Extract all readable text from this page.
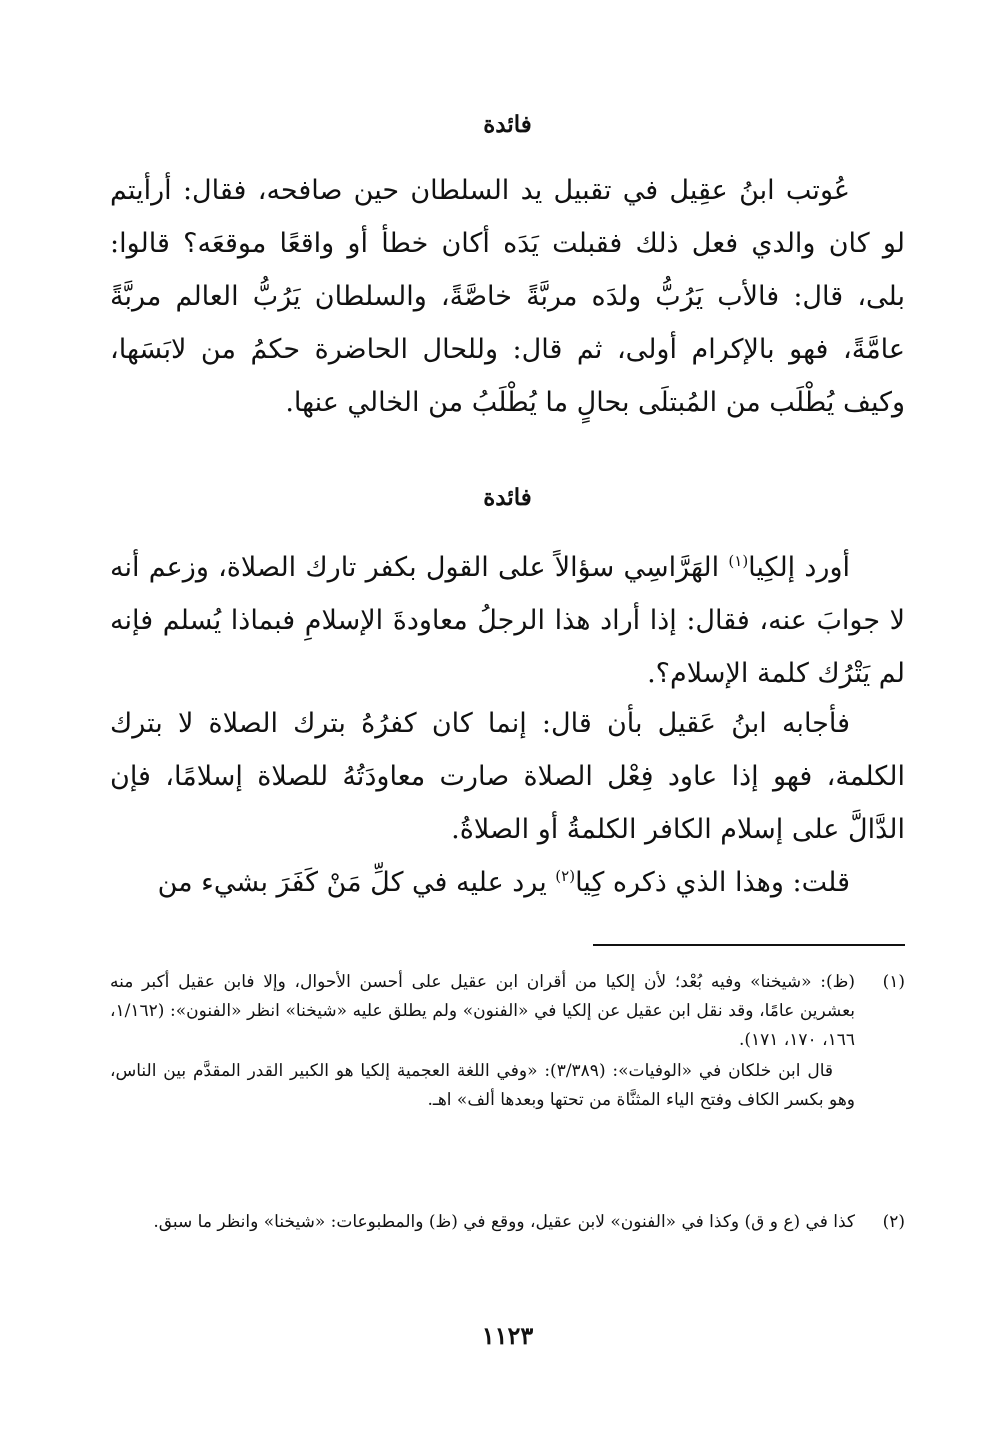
فائدة
عُوتب ابنُ عقِيل في تقبيل يد السلطان حين صافحه، فقال: أرأيتم لو كان والدي فعل ذلك فقبلت يَدَه أكان خطأ أو واقعًا موقعَه؟ قالوا: بلى، قال: فالأب يَرُبُّ ولدَه مربَّةً خاصَّةً، والسلطان يَرُبُّ العالم مربَّةً عامَّةً، فهو بالإكرام أولى، ثم قال: وللحال الحاضرة حكمُ من لابَسَها، وكيف يُطْلَب من المُبتلَى بحالٍ ما يُطْلَبُ من الخالي عنها.
فائدة
أورد إلكِيا$^{(١)}$ الهَرَّاسِي سؤالاً على القول بكفر تارك الصلاة، وزعم أنه لا جوابَ عنه، فقال: إذا أراد هذا الرجلُ معاودةَ الإسلامِ فبماذا يُسلم فإنه لم يَتْرُك كلمة الإسلام؟.
فأجابه ابنُ عَقيل بأن قال: إنما كان كفرُهُ بترك الصلاة لا بترك الكلمة، فهو إذا عاود فِعْل الصلاة صارت معاودَتُهُ للصلاة إسلامًا، فإن الدَّالَّ على إسلام الكافر الكلمةُ أو الصلاةُ.
قلت: وهذا الذي ذكره كِيا$^{(٢)}$ يرد عليه في كلِّ مَنْ كَفَرَ بشيء من
(١)
(ظ): «شيخنا» وفيه بُعْد؛ لأن إلكيا من أقران ابن عقيل على أحسن الأحوال، وإلا فابن عقيل أكبر منه بعشرين عامًا، وقد نقل ابن عقيل عن إلكيا في «الفنون» ولم يطلق عليه «شيخنا» انظر «الفنون»: (١/١٦٢، ١٦٦، ١٧٠، ١٧١).
قال ابن خلكان في «الوفيات»: (٣/٣٨٩): «وفي اللغة العجمية إلكيا هو الكبير القدر المقدَّم بين الناس، وهو بكسر الكاف وفتح الياء المثنَّاة من تحتها وبعدها ألف» اهـ.
(٢)
كذا في (ع و ق) وكذا في «الفنون» لابن عقيل، ووقع في (ظ) والمطبوعات: «شيخنا» وانظر ما سبق.
١١٢٣
